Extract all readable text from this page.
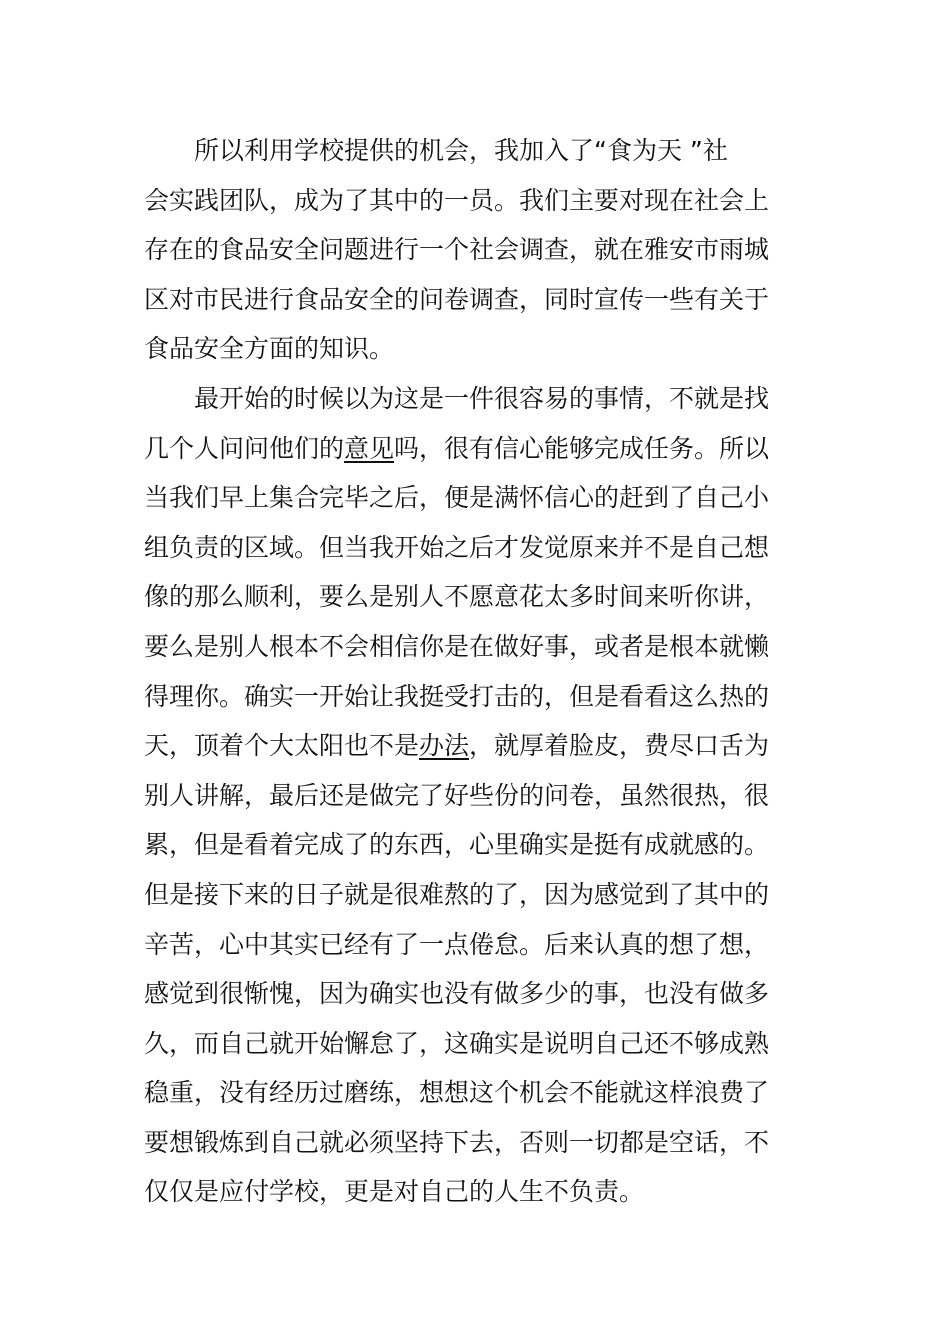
所以利用学校提供的机会，我加入了“食为天 ”社
会实践团队，成为了其中的一员。我们主要对现在社会上
存在的食品安全问题进行一个社会调查，就在雅安市雨城
区对市民进行食品安全的问卷调查，同时宣传一些有关于
食品安全方面的知识。
最开始的时候以为这是一件很容易的事情，不就是找
几个人问问他们的意见吗，很有信心能够完成任务。所以
当我们早上集合完毕之后，便是满怀信心的赶到了自己小
组负责的区域。但当我开始之后才发觉原来并不是自己想
像的那么顺利，要么是别人不愿意花太多时间来听你讲，
要么是别人根本不会相信你是在做好事，或者是根本就懒
得理你。确实一开始让我挺受打击的，但是看看这么热的
天，顶着个大太阳也不是办法，就厚着脸皮，费尽口舌为
别人讲解，最后还是做完了好些份的问卷，虽然很热，很
累，但是看着完成了的东西，心里确实是挺有成就感的。
但是接下来的日子就是很难熬的了，因为感觉到了其中的
辛苦，心中其实已经有了一点倦怠。后来认真的想了想，
感觉到很惭愧，因为确实也没有做多少的事，也没有做多
久，而自己就开始懈怠了，这确实是说明自己还不够成熟
稳重，没有经历过磨练，想想这个机会不能就这样浪费了
要想锻炼到自己就必须坚持下去，否则一切都是空话，不
仅仅是应付学校，更是对自己的人生不负责。
